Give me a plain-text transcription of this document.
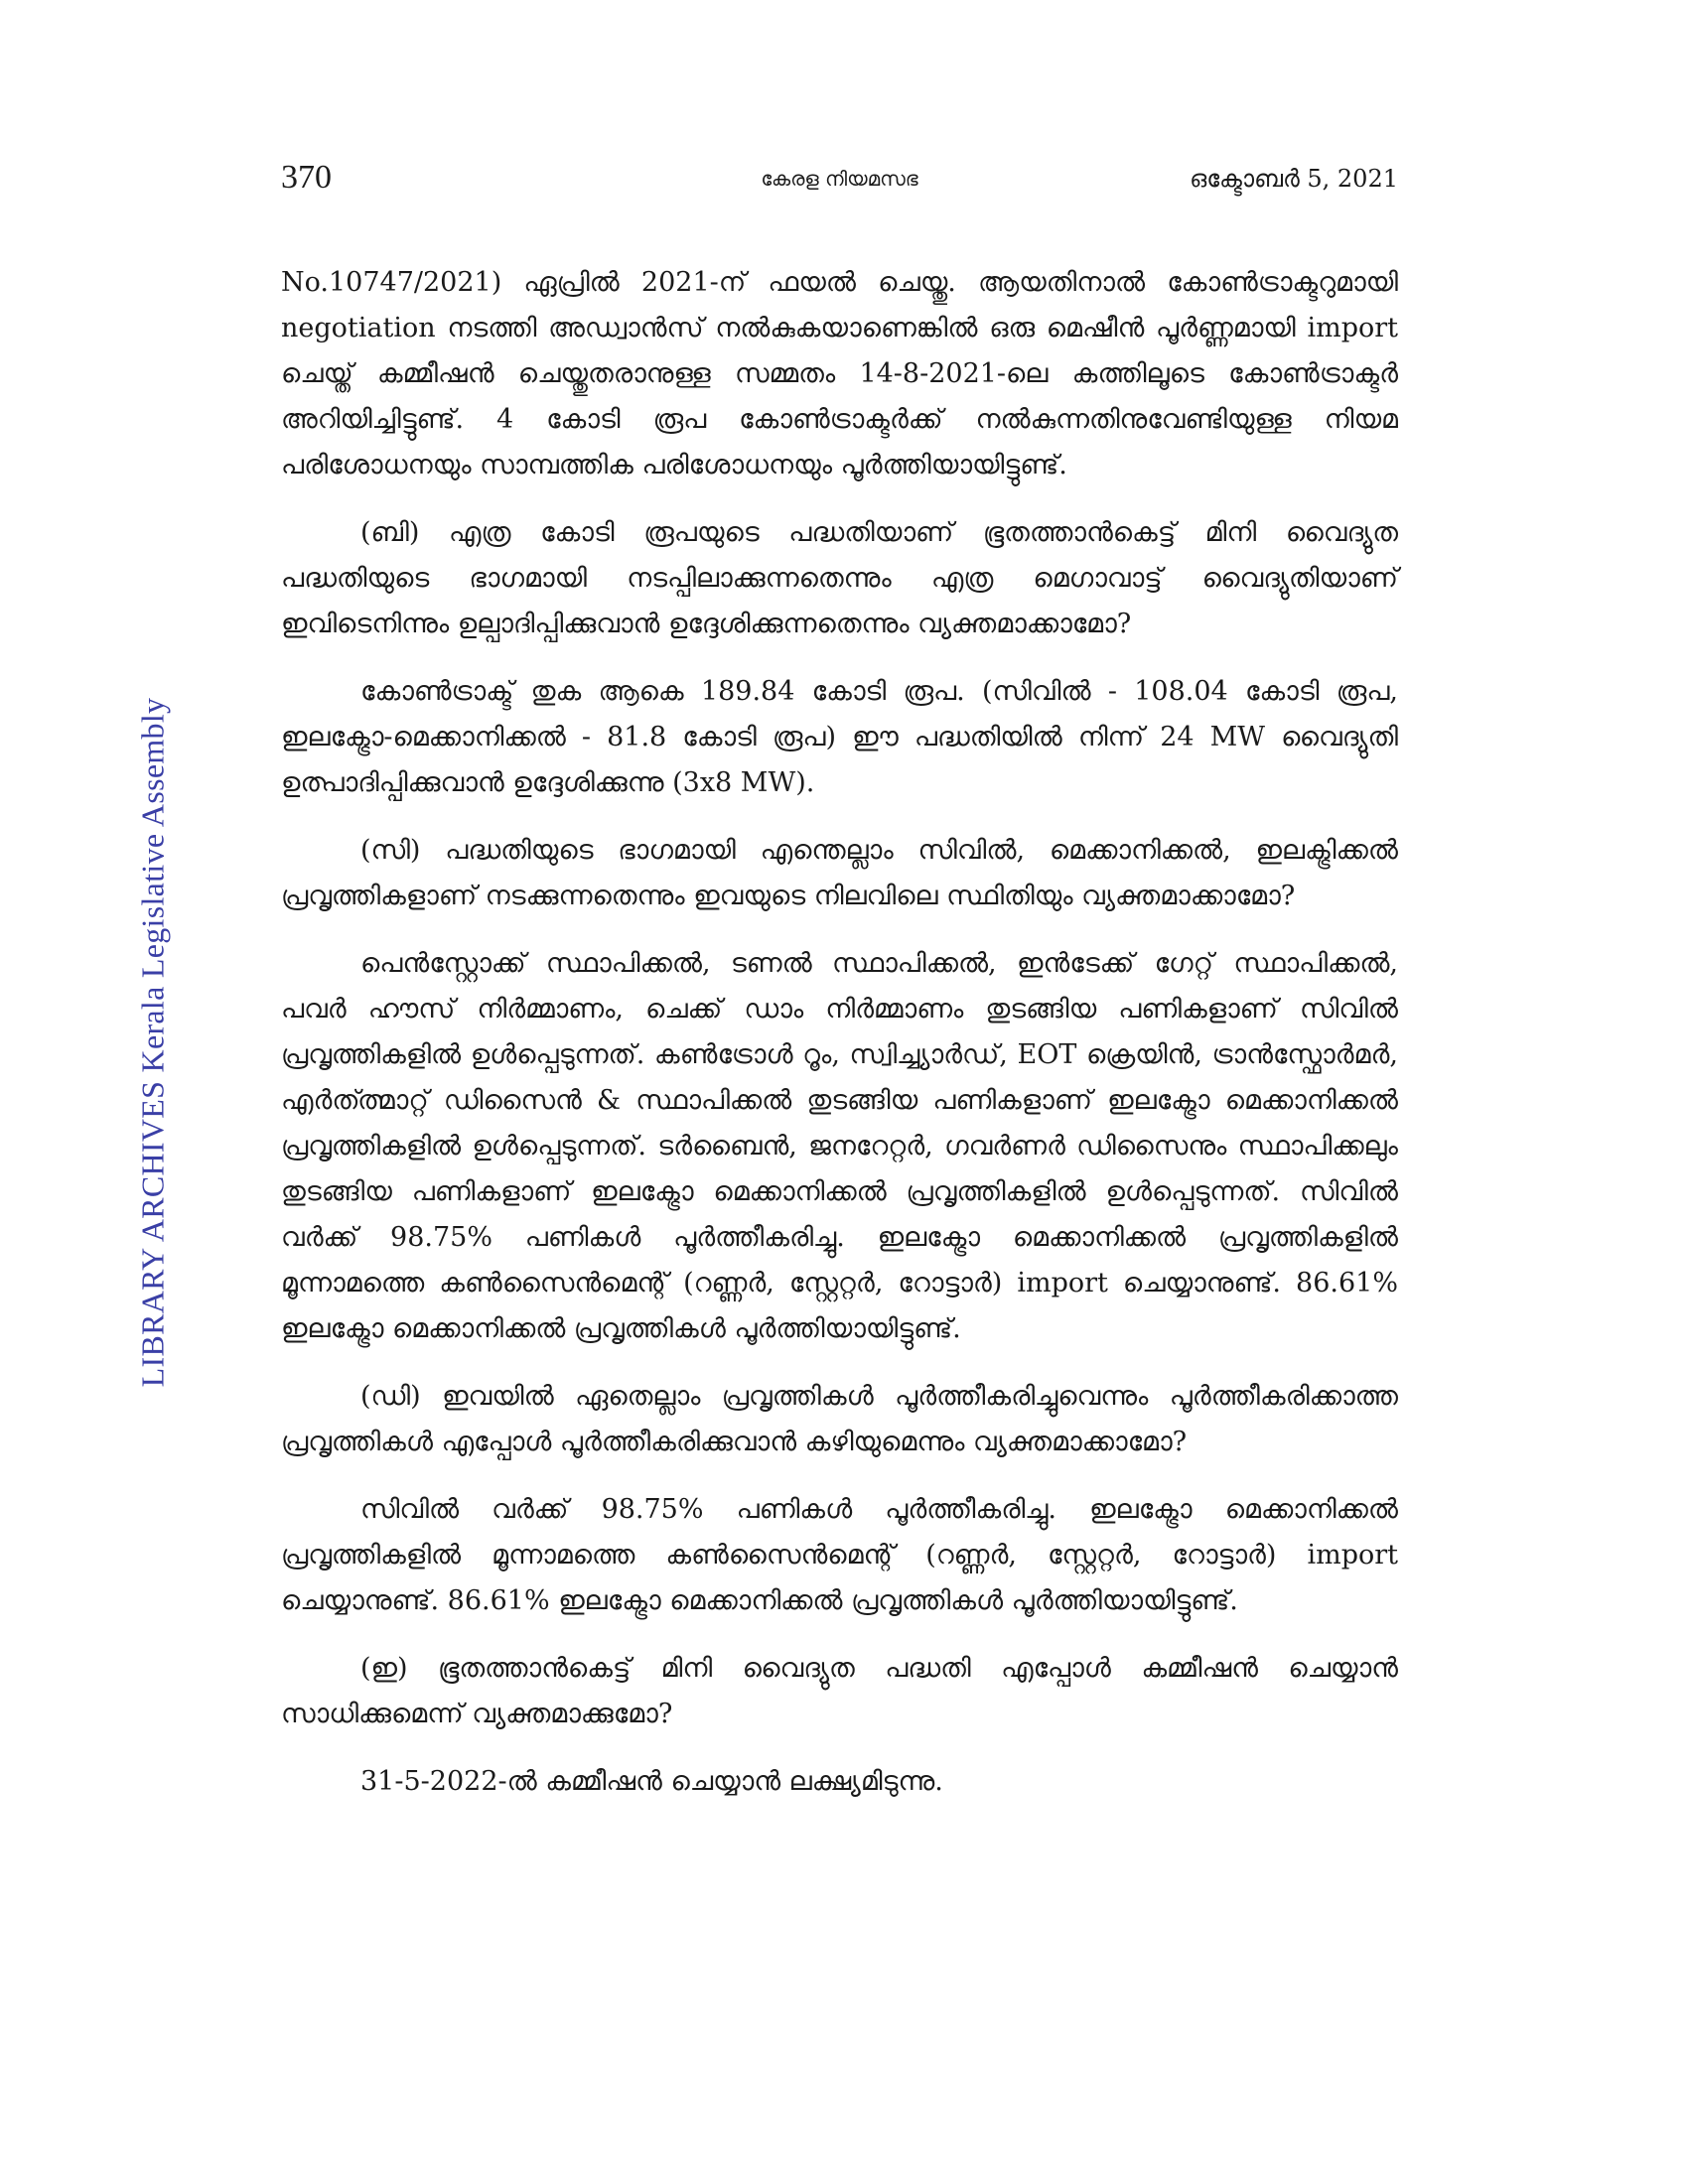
370	കേരള നിയമസഭ	ഒക്ടോബർ 5, 2021
LIBRARY ARCHIVES Kerala Legislative Assembly

No.10747/2021) ഏപ്രിൽ 2021-ന് ഫയൽ ചെയ്തു. ആയതിനാൽ കോൺട്രാക്ടറുമായി negotiation നടത്തി അഡ്വാൻസ് നൽകുകയാണെങ്കിൽ ഒരു മെഷീൻ പൂർണ്ണമായി import ചെയ്ത് കമ്മീഷൻ ചെയ്തുതരാനുള്ള സമ്മതം 14-8-2021-ലെ കത്തിലൂടെ കോൺട്രാക്ടർ അറിയിച്ചിട്ടുണ്ട്. 4 കോടി രൂപ കോൺട്രാക്ടർക്ക് നൽകുന്നതിനുവേണ്ടിയുള്ള നിയമ പരിശോധനയും സാമ്പത്തിക പരിശോധനയും പൂർത്തിയായിട്ടുണ്ട്.

(ബി) എത്ര കോടി രൂപയുടെ പദ്ധതിയാണ് ഭൂതത്താൻകെട്ട് മിനി വൈദ്യുത പദ്ധതിയുടെ ഭാഗമായി നടപ്പിലാക്കുന്നതെന്നും എത്ര മെഗാവാട്ട് വൈദ്യുതിയാണ് ഇവിടെനിന്നും ഉല്പാദിപ്പിക്കുവാൻ ഉദ്ദേശിക്കുന്നതെന്നും വ്യക്തമാക്കാമോ?

കോൺട്രാക്ട് തുക ആകെ 189.84 കോടി രൂപ. (സിവിൽ - 108.04 കോടി രൂപ, ഇലക്ട്രോ-മെക്കാനിക്കൽ - 81.8 കോടി രൂപ) ഈ പദ്ധതിയിൽ നിന്ന് 24 MW വൈദ്യുതി ഉത്പാദിപ്പിക്കുവാൻ ഉദ്ദേശിക്കുന്നു (3x8 MW).

(സി) പദ്ധതിയുടെ ഭാഗമായി എന്തെല്ലാം സിവിൽ, മെക്കാനിക്കൽ, ഇലക്ട്രിക്കൽ പ്രവൃത്തികളാണ് നടക്കുന്നതെന്നും ഇവയുടെ നിലവിലെ സ്ഥിതിയും വ്യക്തമാക്കാമോ?

പെൻസ്റ്റോക്ക് സ്ഥാപിക്കൽ, ടണൽ സ്ഥാപിക്കൽ, ഇൻടേക്ക് ഗേറ്റ് സ്ഥാപിക്കൽ, പവർ ഹൗസ് നിർമ്മാണം, ചെക്ക് ഡാം നിർമ്മാണം തുടങ്ങിയ പണികളാണ് സിവിൽ പ്രവൃത്തികളിൽ ഉൾപ്പെടുന്നത്. കൺട്രോൾ റൂം, സ്വിച്ച്യാർഡ്, EOT ക്രെയിൻ, ട്രാൻസ്ഫോർമർ, എർത്ത്മാറ്റ് ഡിസൈൻ & സ്ഥാപിക്കൽ തുടങ്ങിയ പണികളാണ് ഇലക്ട്രോ മെക്കാനിക്കൽ പ്രവൃത്തികളിൽ ഉൾപ്പെടുന്നത്. ടർബൈൻ, ജനറേറ്റർ, ഗവർണർ ഡിസൈനും സ്ഥാപിക്കലും തുടങ്ങിയ പണികളാണ് ഇലക്ട്രോ മെക്കാനിക്കൽ പ്രവൃത്തികളിൽ ഉൾപ്പെടുന്നത്. സിവിൽ വർക്ക് 98.75% പണികൾ പൂർത്തീകരിച്ചു. ഇലക്ട്രോ മെക്കാനിക്കൽ പ്രവൃത്തികളിൽ മൂന്നാമത്തെ കൺസൈൻമെന്റ് (റണ്ണർ, സ്റ്റേറ്റർ, റോട്ടാർ) import ചെയ്യാനുണ്ട്. 86.61% ഇലക്ട്രോ മെക്കാനിക്കൽ പ്രവൃത്തികൾ പൂർത്തിയായിട്ടുണ്ട്.

(ഡി) ഇവയിൽ ഏതെല്ലാം പ്രവൃത്തികൾ പൂർത്തീകരിച്ചുവെന്നും പൂർത്തീകരിക്കാത്ത പ്രവൃത്തികൾ എപ്പോൾ പൂർത്തീകരിക്കുവാൻ കഴിയുമെന്നും വ്യക്തമാക്കാമോ?

സിവിൽ വർക്ക് 98.75% പണികൾ പൂർത്തീകരിച്ചു. ഇലക്ട്രോ മെക്കാനിക്കൽ പ്രവൃത്തികളിൽ മൂന്നാമത്തെ കൺസൈൻമെന്റ് (റണ്ണർ, സ്റ്റേറ്റർ, റോട്ടാർ) import ചെയ്യാനുണ്ട്. 86.61% ഇലക്ട്രോ മെക്കാനിക്കൽ പ്രവൃത്തികൾ പൂർത്തിയായിട്ടുണ്ട്.

(ഇ) ഭൂതത്താൻകെട്ട് മിനി വൈദ്യുത പദ്ധതി എപ്പോൾ കമ്മീഷൻ ചെയ്യാൻ സാധിക്കുമെന്ന് വ്യക്തമാക്കുമോ?

31-5-2022-ൽ കമ്മീഷൻ ചെയ്യാൻ ലക്ഷ്യമിടുന്നു.
